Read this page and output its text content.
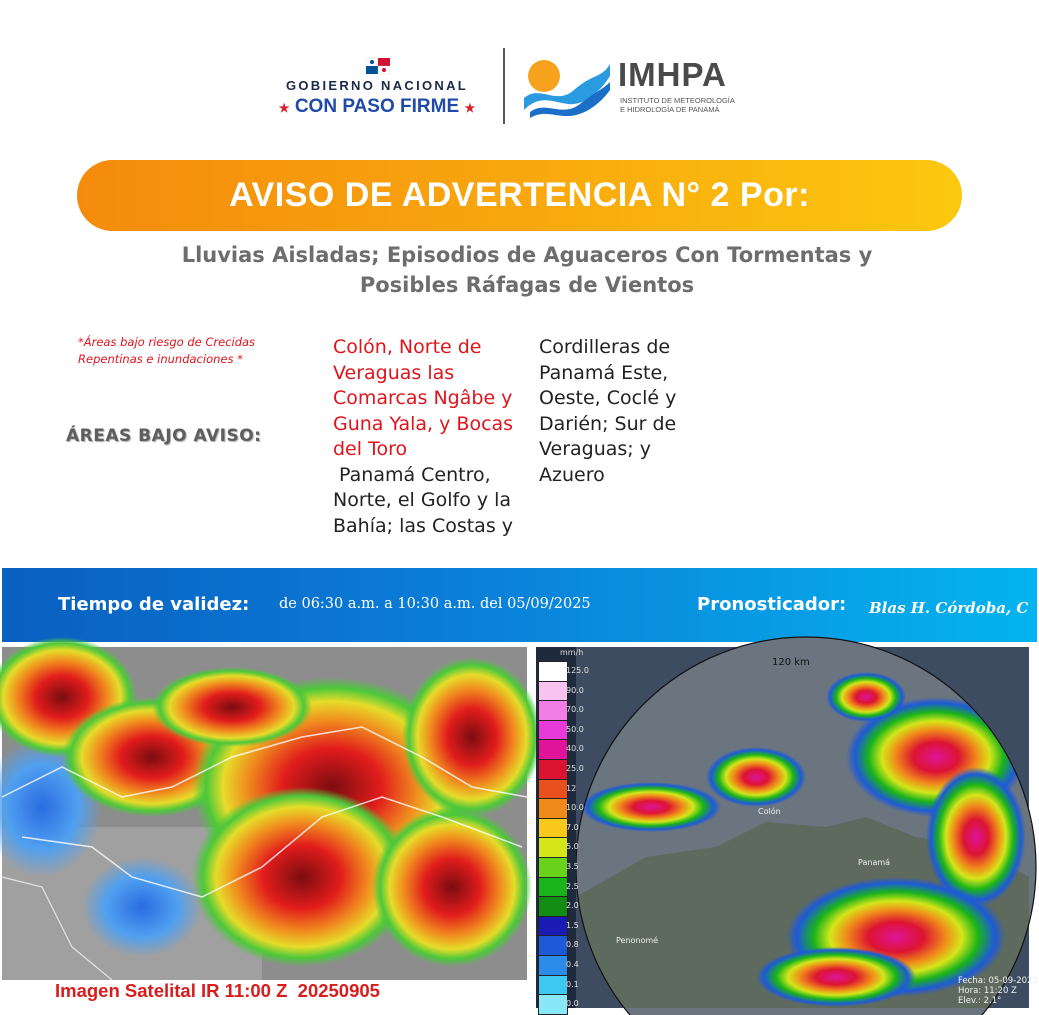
GOBIERNO NACIONAL
★ CON PASO FIRME ★
IMHPA
INSTITUTO DE METEOROLOGÍA
E HIDROLOGÍA DE PANAMÁ
AVISO DE ADVERTENCIA N° 2 Por:
Lluvias Aisladas; Episodios de Aguaceros Con Tormentas y
Posibles Ráfagas de Vientos
*Áreas bajo riesgo de Crecidas
Repentinas e inundaciones *
ÁREAS BAJO AVISO:
Colón, Norte de
Veraguas las
Comarcas Ngâbe y
Guna Yala, y Bocas
del Toro
Panamá Centro,
Norte, el Golfo y la
Bahía; las Costas y
Cordilleras de
Panamá Este,
Oeste, Coclé y
Darién; Sur de
Veraguas; y
Azuero
Tiempo de validez: de 06:30 a.m. a 10:30 a.m. del 05/09/2025	Pronosticador: Blas H. Córdoba, C
Imagen Satelital IR 11:00 Z  20250905
120 km
Colón
Panamá
Penonomé
Fecha: 05-09-2025
Hora: 11:20 Z
Elev.: 2.1°
mm/h
125.0
90.0
70.0
50.0
40.0
25.0
12
10.0
7.0
5.0
3.5
2.5
2.0
1.5
0.8
0.4
0.1
0.0
